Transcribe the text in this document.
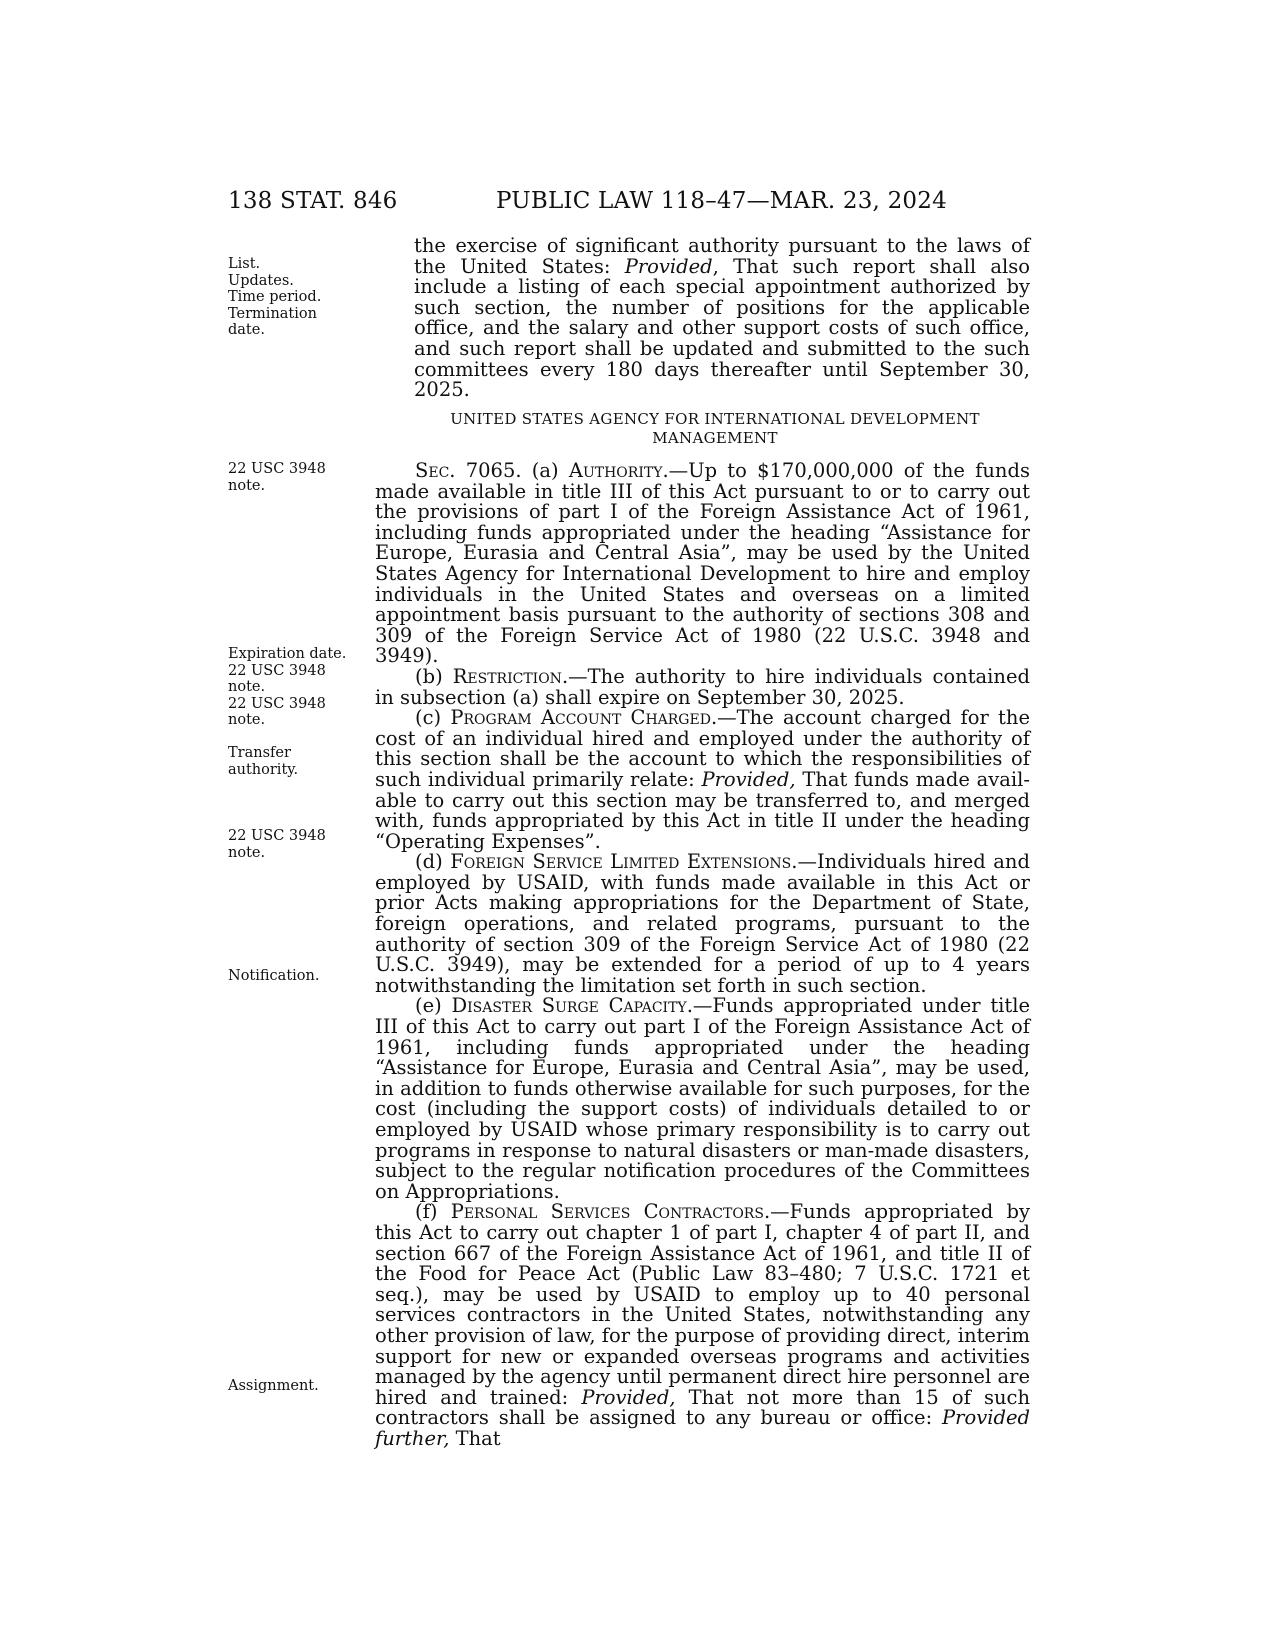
138 STAT. 846	PUBLIC LAW 118–47—MAR. 23, 2024
List.
Updates.
Time period.
Termination
date.
22 USC 3948
note.
Expiration date.
22 USC 3948
note.
22 USC 3948
note.
Transfer
authority.
22 USC 3948
note.
Notification.
Assignment.

the exercise of significant authority pursuant to the laws of the United States: Provided, That such report shall also include a listing of each special appointment authorized by such section, the number of positions for the applicable office, and the salary and other support costs of such office, and such report shall be updated and submitted to the such committees every 180 days thereafter until September 30, 2025.

UNITED STATES AGENCY FOR INTERNATIONAL DEVELOPMENT
MANAGEMENT

Sec. 7065. (a) Authority.—Up to $170,000,000 of the funds made available in title III of this Act pursuant to or to carry out the provisions of part I of the Foreign Assistance Act of 1961, including funds appropriated under the heading “Assistance for Europe, Eurasia and Central Asia”, may be used by the United States Agency for International Development to hire and employ individuals in the United States and overseas on a limited appointment basis pursuant to the authority of sections 308 and 309 of the Foreign Service Act of 1980 (22 U.S.C. 3948 and 3949).

(b) Restriction.—The authority to hire individuals contained in subsection (a) shall expire on September 30, 2025.

(c) Program Account Charged.—The account charged for the cost of an individual hired and employed under the authority of this section shall be the account to which the responsibilities of such individual primarily relate: Provided, That funds made available to carry out this section may be transferred to, and merged with, funds appropriated by this Act in title II under the heading “Operating Expenses”.

(d) Foreign Service Limited Extensions.—Individuals hired and employed by USAID, with funds made available in this Act or prior Acts making appropriations for the Department of State, foreign operations, and related programs, pursuant to the authority of section 309 of the Foreign Service Act of 1980 (22 U.S.C. 3949), may be extended for a period of up to 4 years notwithstanding the limitation set forth in such section.

(e) Disaster Surge Capacity.—Funds appropriated under title III of this Act to carry out part I of the Foreign Assistance Act of 1961, including funds appropriated under the heading “Assistance for Europe, Eurasia and Central Asia”, may be used, in addition to funds otherwise available for such purposes, for the cost (including the support costs) of individuals detailed to or employed by USAID whose primary responsibility is to carry out programs in response to natural disasters or man-made disasters, subject to the regular notification procedures of the Committees on Appropriations.

(f) Personal Services Contractors.—Funds appropriated by this Act to carry out chapter 1 of part I, chapter 4 of part II, and section 667 of the Foreign Assistance Act of 1961, and title II of the Food for Peace Act (Public Law 83–480; 7 U.S.C. 1721 et seq.), may be used by USAID to employ up to 40 personal services contractors in the United States, notwithstanding any other provision of law, for the purpose of providing direct, interim support for new or expanded overseas programs and activities managed by the agency until permanent direct hire personnel are hired and trained: Provided, That not more than 15 of such contractors shall be assigned to any bureau or office: Provided further, That
